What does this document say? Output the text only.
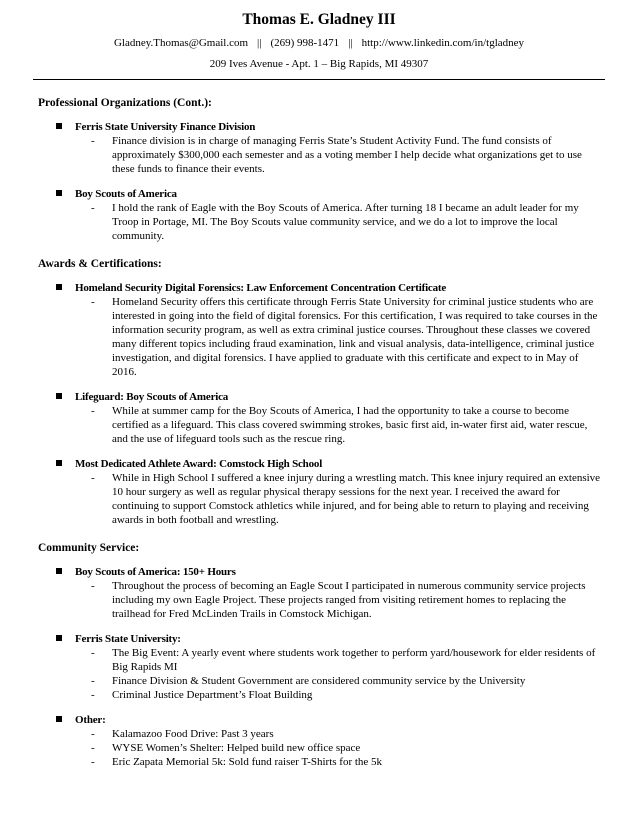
Thomas E. Gladney III
Gladney.Thomas@Gmail.com || (269) 998-1471 || http://www.linkedin.com/in/tgladney
209 Ives Avenue - Apt. 1 – Big Rapids, MI 49307
Professional Organizations (Cont.):
Ferris State University Finance Division
- Finance division is in charge of managing Ferris State’s Student Activity Fund. The fund consists of approximately $300,000 each semester and as a voting member I help decide what organizations get to use these funds to finance their events.
Boy Scouts of America
- I hold the rank of Eagle with the Boy Scouts of America. After turning 18 I became an adult leader for my Troop in Portage, MI. The Boy Scouts value community service, and we do a lot to improve the local community.
Awards & Certifications:
Homeland Security Digital Forensics: Law Enforcement Concentration Certificate
- Homeland Security offers this certificate through Ferris State University for criminal justice students who are interested in going into the field of digital forensics. For this certification, I was required to take courses in the information security program, as well as extra criminal justice courses. Throughout these classes we covered many different topics including fraud examination, link and visual analysis, data-intelligence, criminal justice investigation, and digital forensics. I have applied to graduate with this certificate and expect to in May of 2016.
Lifeguard: Boy Scouts of America
- While at summer camp for the Boy Scouts of America, I had the opportunity to take a course to become certified as a lifeguard. This class covered swimming strokes, basic first aid, in-water first aid, water rescue, and the use of lifeguard tools such as the rescue ring.
Most Dedicated Athlete Award: Comstock High School
- While in High School I suffered a knee injury during a wrestling match. This knee injury required an extensive 10 hour surgery as well as regular physical therapy sessions for the next year. I received the award for continuing to support Comstock athletics while injured, and for being able to return to playing and receiving awards in both football and wrestling.
Community Service:
Boy Scouts of America: 150+ Hours
- Throughout the process of becoming an Eagle Scout I participated in numerous community service projects including my own Eagle Project. These projects ranged from visiting retirement homes to replacing the trailhead for Fred McLinden Trails in Comstock Michigan.
Ferris State University:
- The Big Event: A yearly event where students work together to perform yard/housework for elder residents of Big Rapids MI
- Finance Division & Student Government are considered community service by the University
- Criminal Justice Department’s Float Building
Other:
- Kalamazoo Food Drive: Past 3 years
- WYSE Women’s Shelter: Helped build new office space
- Eric Zapata Memorial 5k: Sold fund raiser T-Shirts for the 5k
